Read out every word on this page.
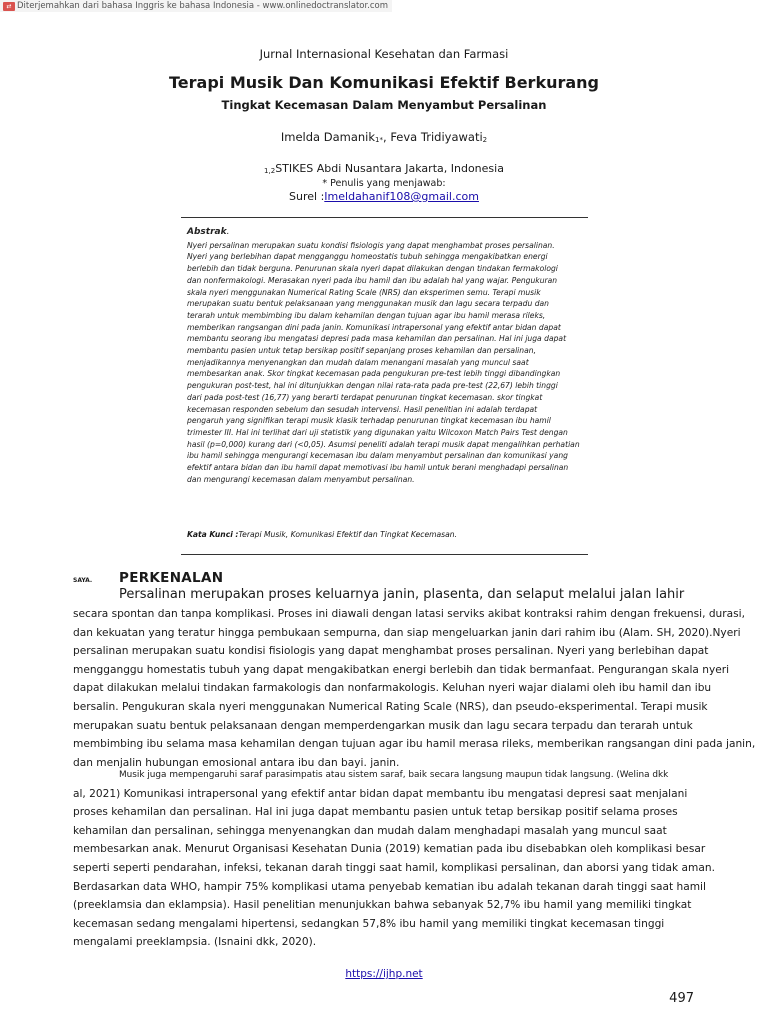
⇄ Diterjemahkan dari bahasa Inggris ke bahasa Indonesia - www.onlinedoctranslator.com
Jurnal Internasional Kesehatan dan Farmasi
Terapi Musik Dan Komunikasi Efektif Berkurang
Tingkat Kecemasan Dalam Menyambut Persalinan
Imelda Damanik$_{1*}$, Feva Tridiyawati$_2$
$_{1,2}$STIKES Abdi Nusantara Jakarta, Indonesia
* Penulis yang menjawab:
Surel :Imeldahanif108@gmail.com
Abstrak.
Nyeri persalinan merupakan suatu kondisi fisiologis yang dapat menghambat proses persalinan.
Nyeri yang berlebihan dapat mengganggu homeostatis tubuh sehingga mengakibatkan energi
berlebih dan tidak berguna. Penurunan skala nyeri dapat dilakukan dengan tindakan fermakologi
dan nonfermakologi. Merasakan nyeri pada ibu hamil dan ibu adalah hal yang wajar. Pengukuran
skala nyeri menggunakan Numerical Rating Scale (NRS) dan eksperimen semu. Terapi musik
merupakan suatu bentuk pelaksanaan yang menggunakan musik dan lagu secara terpadu dan
terarah untuk membimbing ibu dalam kehamilan dengan tujuan agar ibu hamil merasa rileks,
memberikan rangsangan dini pada janin. Komunikasi intrapersonal yang efektif antar bidan dapat
membantu seorang ibu mengatasi depresi pada masa kehamilan dan persalinan. Hal ini juga dapat
membantu pasien untuk tetap bersikap positif sepanjang proses kehamilan dan persalinan,
menjadikannya menyenangkan dan mudah dalam menangani masalah yang muncul saat
membesarkan anak. Skor tingkat kecemasan pada pengukuran pre-test lebih tinggi dibandingkan
pengukuran post-test, hal ini ditunjukkan dengan nilai rata-rata pada pre-test (22,67) lebih tinggi
dari pada post-test (16,77) yang berarti terdapat penurunan tingkat kecemasan. skor tingkat
kecemasan responden sebelum dan sesudah intervensi. Hasil penelitian ini adalah terdapat
pengaruh yang signifikan terapi musik klasik terhadap penurunan tingkat kecemasan ibu hamil
trimester III. Hal ini terlihat dari uji statistik yang digunakan yaitu Wilcoxon Match Pairs Test dengan
hasil (p=0,000) kurang dari (<0,05). Asumsi peneliti adalah terapi musik dapat mengalihkan perhatian
ibu hamil sehingga mengurangi kecemasan ibu dalam menyambut persalinan dan komunikasi yang
efektif antara bidan dan ibu hamil dapat memotivasi ibu hamil untuk berani menghadapi persalinan
dan mengurangi kecemasan dalam menyambut persalinan.
Kata Kunci :Terapi Musik, Komunikasi Efektif dan Tingkat Kecemasan.
SAYA. PERKENALAN
Persalinan merupakan proses keluarnya janin, plasenta, dan selaput melalui jalan lahir
secara spontan dan tanpa komplikasi. Proses ini diawali dengan latasi serviks akibat kontraksi rahim dengan frekuensi, durasi,
dan kekuatan yang teratur hingga pembukaan sempurna, dan siap mengeluarkan janin dari rahim ibu (Alam. SH, 2020).Nyeri
persalinan merupakan suatu kondisi fisiologis yang dapat menghambat proses persalinan. Nyeri yang berlebihan dapat
mengganggu homestatis tubuh yang dapat mengakibatkan energi berlebih dan tidak bermanfaat. Pengurangan skala nyeri
dapat dilakukan melalui tindakan farmakologis dan nonfarmakologis. Keluhan nyeri wajar dialami oleh ibu hamil dan ibu
bersalin. Pengukuran skala nyeri menggunakan Numerical Rating Scale (NRS), dan pseudo-eksperimental. Terapi musik
merupakan suatu bentuk pelaksanaan dengan memperdengarkan musik dan lagu secara terpadu dan terarah untuk
membimbing ibu selama masa kehamilan dengan tujuan agar ibu hamil merasa rileks, memberikan rangsangan dini pada janin,
dan menjalin hubungan emosional antara ibu dan bayi. janin.
Musik juga mempengaruhi saraf parasimpatis atau sistem saraf, baik secara langsung maupun tidak langsung. (Welina dkk
al, 2021) Komunikasi intrapersonal yang efektif antar bidan dapat membantu ibu mengatasi depresi saat menjalani
proses kehamilan dan persalinan. Hal ini juga dapat membantu pasien untuk tetap bersikap positif selama proses
kehamilan dan persalinan, sehingga menyenangkan dan mudah dalam menghadapi masalah yang muncul saat
membesarkan anak. Menurut Organisasi Kesehatan Dunia (2019) kematian pada ibu disebabkan oleh komplikasi besar
seperti seperti pendarahan, infeksi, tekanan darah tinggi saat hamil, komplikasi persalinan, dan aborsi yang tidak aman.
Berdasarkan data WHO, hampir 75% komplikasi utama penyebab kematian ibu adalah tekanan darah tinggi saat hamil
(preeklamsia dan eklampsia). Hasil penelitian menunjukkan bahwa sebanyak 52,7% ibu hamil yang memiliki tingkat
kecemasan sedang mengalami hipertensi, sedangkan 57,8% ibu hamil yang memiliki tingkat kecemasan tinggi
mengalami preeklampsia. (Isnaini dkk, 2020).
https://ijhp.net
497
